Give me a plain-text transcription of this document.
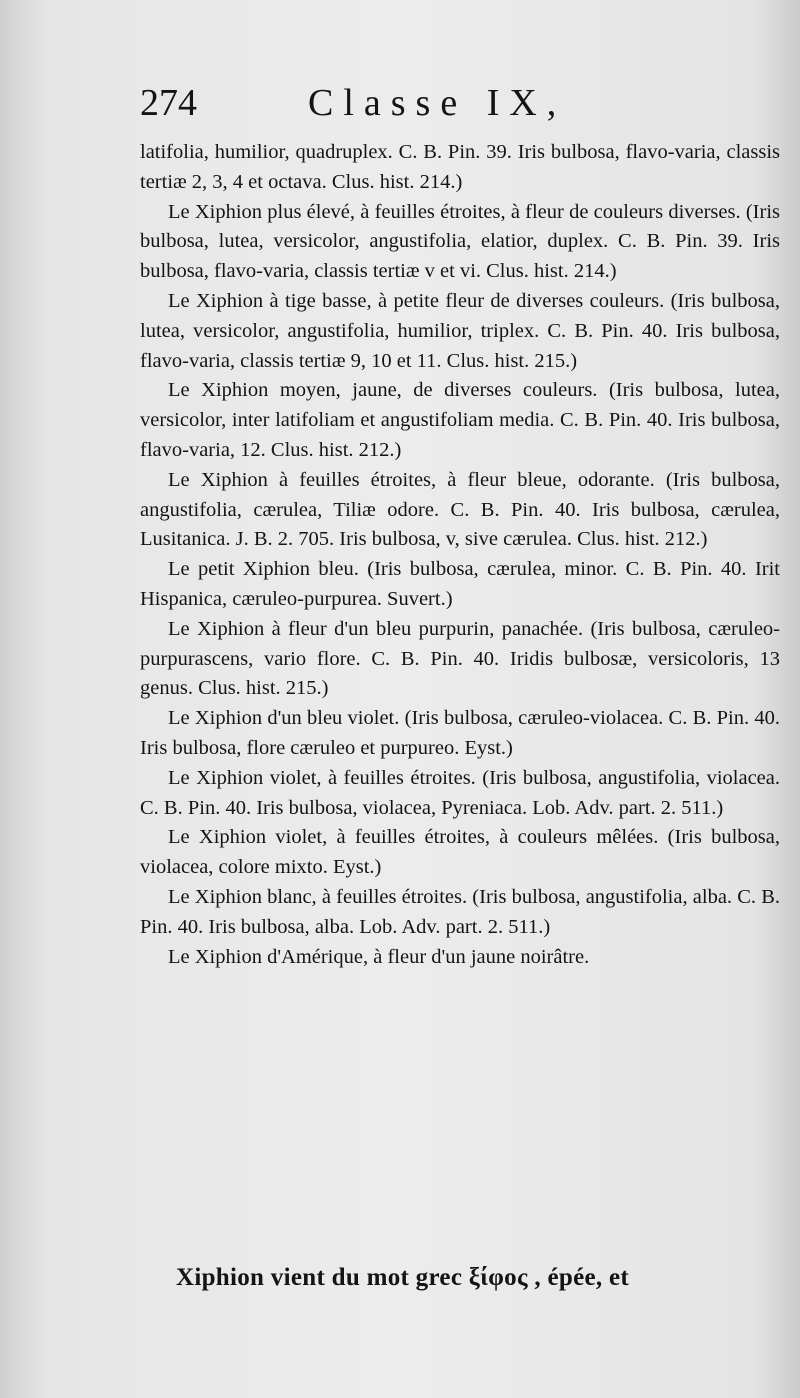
274	Classe IX,

latifolia, humilior, quadruplex. C. B. Pin. 39. Iris bulbosa, flavo-varia, classis tertiæ 2, 3, 4 et octava. Clus. hist. 214.)

Le Xiphion plus élevé, à feuilles étroites, à fleur de couleurs diverses. (Iris bulbosa, lutea, versicolor, angustifolia, elatior, duplex. C. B. Pin. 39. Iris bulbosa, flavo-varia, classis tertiæ v et vi. Clus. hist. 214.)

Le Xiphion à tige basse, à petite fleur de diverses couleurs. (Iris bulbosa, lutea, versicolor, angustifolia, humilior, triplex. C. B. Pin. 40. Iris bulbosa, flavo-varia, classis tertiæ 9, 10 et 11. Clus. hist. 215.)

Le Xiphion moyen, jaune, de diverses couleurs. (Iris bulbosa, lutea, versicolor, inter latifoliam et angustifoliam media. C. B. Pin. 40. Iris bulbosa, flavo-varia, 12. Clus. hist. 212.)

Le Xiphion à feuilles étroites, à fleur bleue, odorante. (Iris bulbosa, angustifolia, cærulea, Tiliæ odore. C. B. Pin. 40. Iris bulbosa, cærulea, Lusitanica. J. B. 2. 705. Iris bulbosa, v, sive cærulea. Clus. hist. 212.)

Le petit Xiphion bleu. (Iris bulbosa, cærulea, minor. C. B. Pin. 40. Irit Hispanica, cæruleo-purpurea. Suvert.)

Le Xiphion à fleur d'un bleu purpurin, panachée. (Iris bulbosa, cæruleo-purpurascens, vario flore. C. B. Pin. 40. Iridis bulbosæ, versicoloris, 13 genus. Clus. hist. 215.)

Le Xiphion d'un bleu violet. (Iris bulbosa, cæruleo-violacea. C. B. Pin. 40. Iris bulbosa, flore cæruleo et purpureo. Eyst.)

Le Xiphion violet, à feuilles étroites. (Iris bulbosa, angustifolia, violacea. C. B. Pin. 40. Iris bulbosa, violacea, Pyreniaca. Lob. Adv. part. 2. 511.)

Le Xiphion violet, à feuilles étroites, à couleurs mêlées. (Iris bulbosa, violacea, colore mixto. Eyst.)

Le Xiphion blanc, à feuilles étroites. (Iris bulbosa, angustifolia, alba. C. B. Pin. 40. Iris bulbosa, alba. Lob. Adv. part. 2. 511.)

Le Xiphion d'Amérique, à fleur d'un jaune noirâtre.

Xiphion vient du mot grec ξίφος , épée, et
